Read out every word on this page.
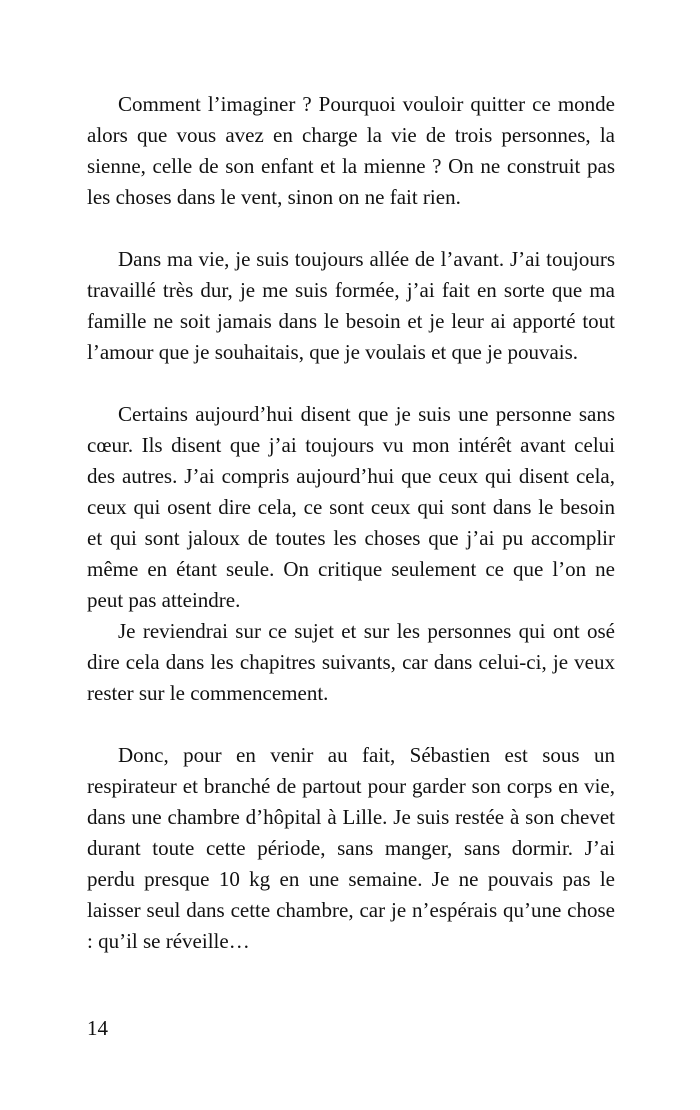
Comment l’imaginer ? Pourquoi vouloir quitter ce monde alors que vous avez en charge la vie de trois personnes, la sienne, celle de son enfant et la mienne ? On ne construit pas les choses dans le vent, sinon on ne fait rien.

Dans ma vie, je suis toujours allée de l’avant. J’ai toujours travaillé très dur, je me suis formée, j’ai fait en sorte que ma famille ne soit jamais dans le besoin et je leur ai apporté tout l’amour que je souhaitais, que je voulais et que je pouvais.

Certains aujourd’hui disent que je suis une personne sans cœur. Ils disent que j’ai toujours vu mon intérêt avant celui des autres. J’ai compris aujourd’hui que ceux qui disent cela, ceux qui osent dire cela, ce sont ceux qui sont dans le besoin et qui sont jaloux de toutes les choses que j’ai pu accomplir même en étant seule. On critique seulement ce que l’on ne peut pas atteindre.

Je reviendrai sur ce sujet et sur les personnes qui ont osé dire cela dans les chapitres suivants, car dans celui-ci, je veux rester sur le commencement.

Donc, pour en venir au fait, Sébastien est sous un respirateur et branché de partout pour garder son corps en vie, dans une chambre d’hôpital à Lille. Je suis restée à son chevet durant toute cette période, sans manger, sans dormir. J’ai perdu presque 10 kg en une semaine. Je ne pouvais pas le laisser seul dans cette chambre, car je n’espérais qu’une chose : qu’il se réveille…

14
